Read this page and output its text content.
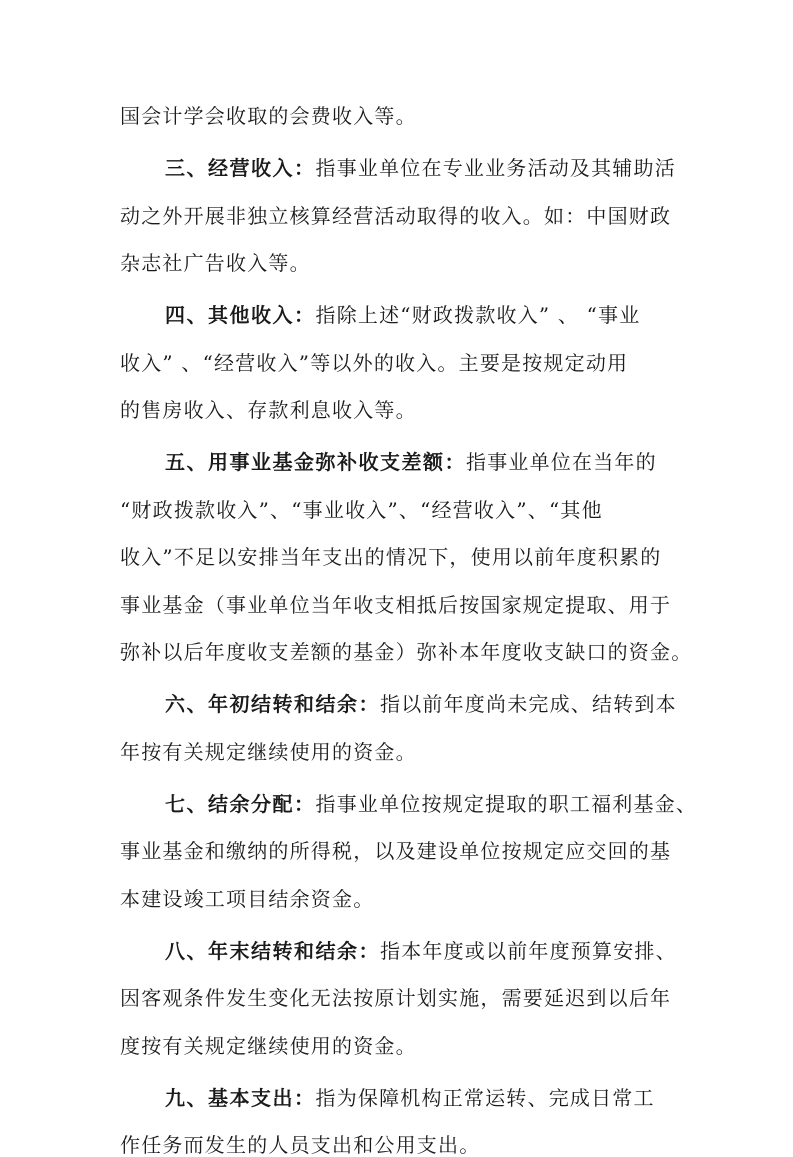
国会计学会收取的会费收入等。
三、经营收入：指事业单位在专业业务活动及其辅助活
动之外开展非独立核算经营活动取得的收入。如：中国财政
杂志社广告收入等。
四、其他收入：指除上述“财政拨款收入” 、 “事业
收入” 、“经营收入”等以外的收入。主要是按规定动用
的售房收入、存款利息收入等。
五、用事业基金弥补收支差额：指事业单位在当年的
“财政拨款收入”、“事业收入”、“经营收入”、“其他
收入”不足以安排当年支出的情况下，使用以前年度积累的
事业基金（事业单位当年收支相抵后按国家规定提取、用于
弥补以后年度收支差额的基金）弥补本年度收支缺口的资金。
六、年初结转和结余：指以前年度尚未完成、结转到本
年按有关规定继续使用的资金。
七、结余分配：指事业单位按规定提取的职工福利基金、
事业基金和缴纳的所得税，以及建设单位按规定应交回的基
本建设竣工项目结余资金。
八、年末结转和结余：指本年度或以前年度预算安排、
因客观条件发生变化无法按原计划实施，需要延迟到以后年
度按有关规定继续使用的资金。
九、基本支出：指为保障机构正常运转、完成日常工
作任务而发生的人员支出和公用支出。
